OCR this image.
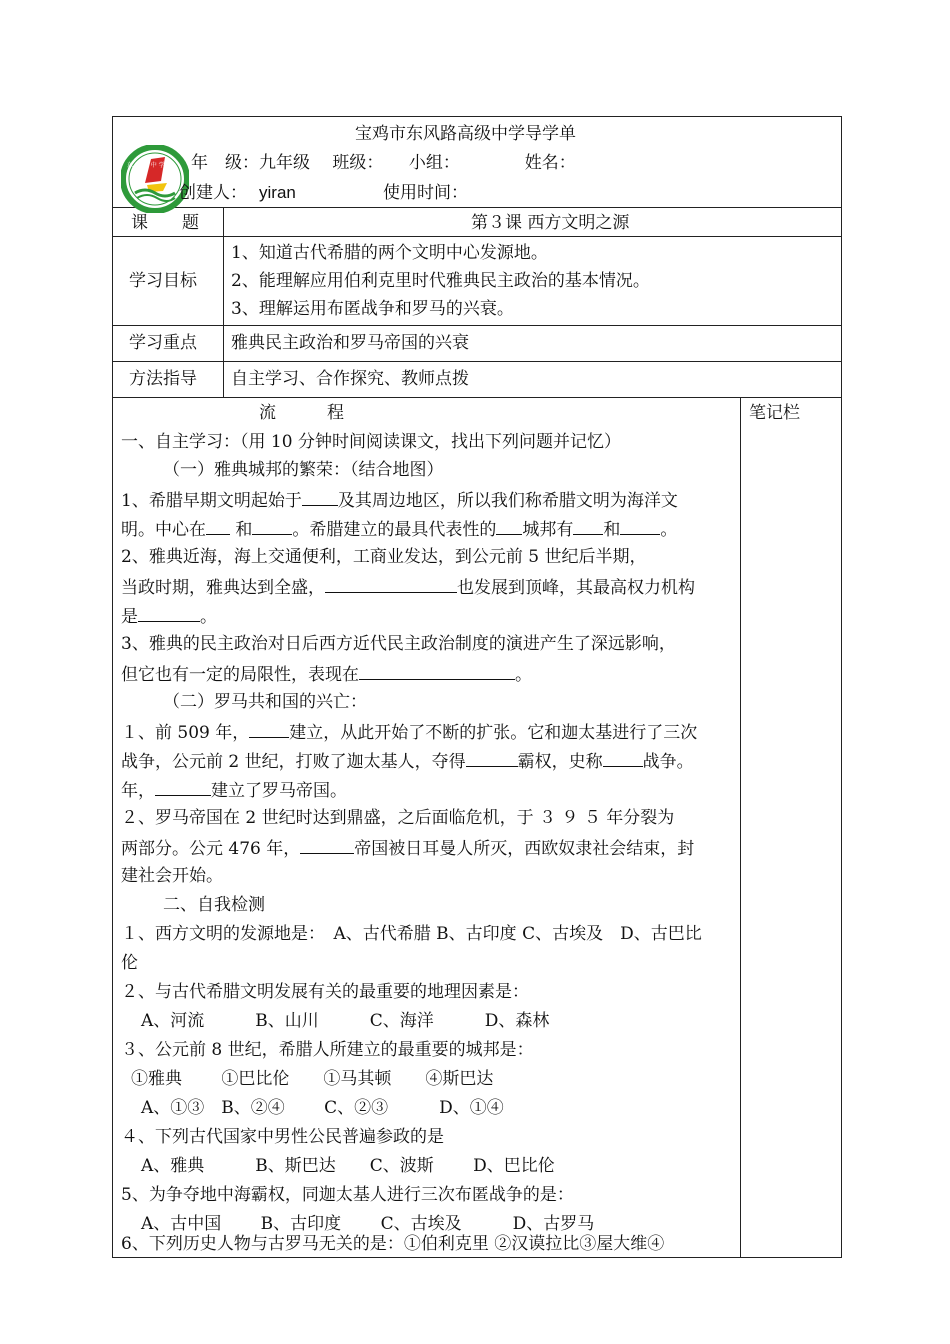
东 风 路 中 学
宝鸡市东风路高级中学导学单
年　级：九年级　 班级：　　小组：　　　　 姓名：
创建人： yiran	使用时间：
课　　题	第３课 西方文明之源
学习目标
1、知道古代希腊的两个文明中心发源地。
2、能理解应用伯利克里时代雅典民主政治的基本情况。
3、理解运用布匿战争和罗马的兴衰。
学习重点 雅典民主政治和罗马帝国的兴衰
方法指导 自主学习、合作探究、教师点拨
流　　　程	笔记栏
一、自主学习：（用 10 分钟时间阅读课文，找出下列问题并记忆）
（一）雅典城邦的繁荣：（结合地图）
1、希腊早期文明起始于 及其周边地区，所以我们称希腊文明为海洋文
明。中心在 和 。希腊建立的最具代表性的 城邦有 和 。
2、雅典近海，海上交通便利，工商业发达，到公元前 5 世纪后半期，
当政时期，雅典达到全盛，	也发展到顶峰，其最高权力机构
是	。
3、雅典的民主政治对日后西方近代民主政治制度的演进产生了深远影响，
但它也有一定的局限性，表现在	。
（二）罗马共和国的兴亡：
１、前 509 年， 建立，从此开始了不断的扩张。它和迦太基进行了三次
战争，公元前 2 世纪，打败了迦太基人，夺得	霸权，史称 战争。
年，	建立了罗马帝国。
２、罗马帝国在 2 世纪时达到鼎盛，之后面临危机，于 ３ ９ ５ 年分裂为
两部分。公元 476 年，	帝国被日耳曼人所灭，西欧奴隶社会结束，封
建社会开始。
二、自我检测
１、西方文明的发源地是：　A、古代希腊 B、古印度 C、古埃及　D、古巴比
伦
２、与古代希腊文明发展有关的最重要的地理因素是：
A、河流　　　B、山川　　　C、海洋　　　D、森林
３、公元前 8 世纪，希腊人所建立的最重要的城邦是：
①雅典　　 ①巴比伦　　①马其顿　　④斯巴达
A、①③　B、②④　　 C、②③　　　D、①④
４、下列古代国家中男性公民普遍参政的是
A、雅典　　　B、斯巴达　　C、波斯　　 D、巴比伦
5、为争夺地中海霸权，同迦太基人进行三次布匿战争的是：
A、古中国　　 B、古印度　　 C、古埃及　　　D、古罗马
6、下列历史人物与古罗马无关的是：①伯利克里 ②汉谟拉比③屋大维④
